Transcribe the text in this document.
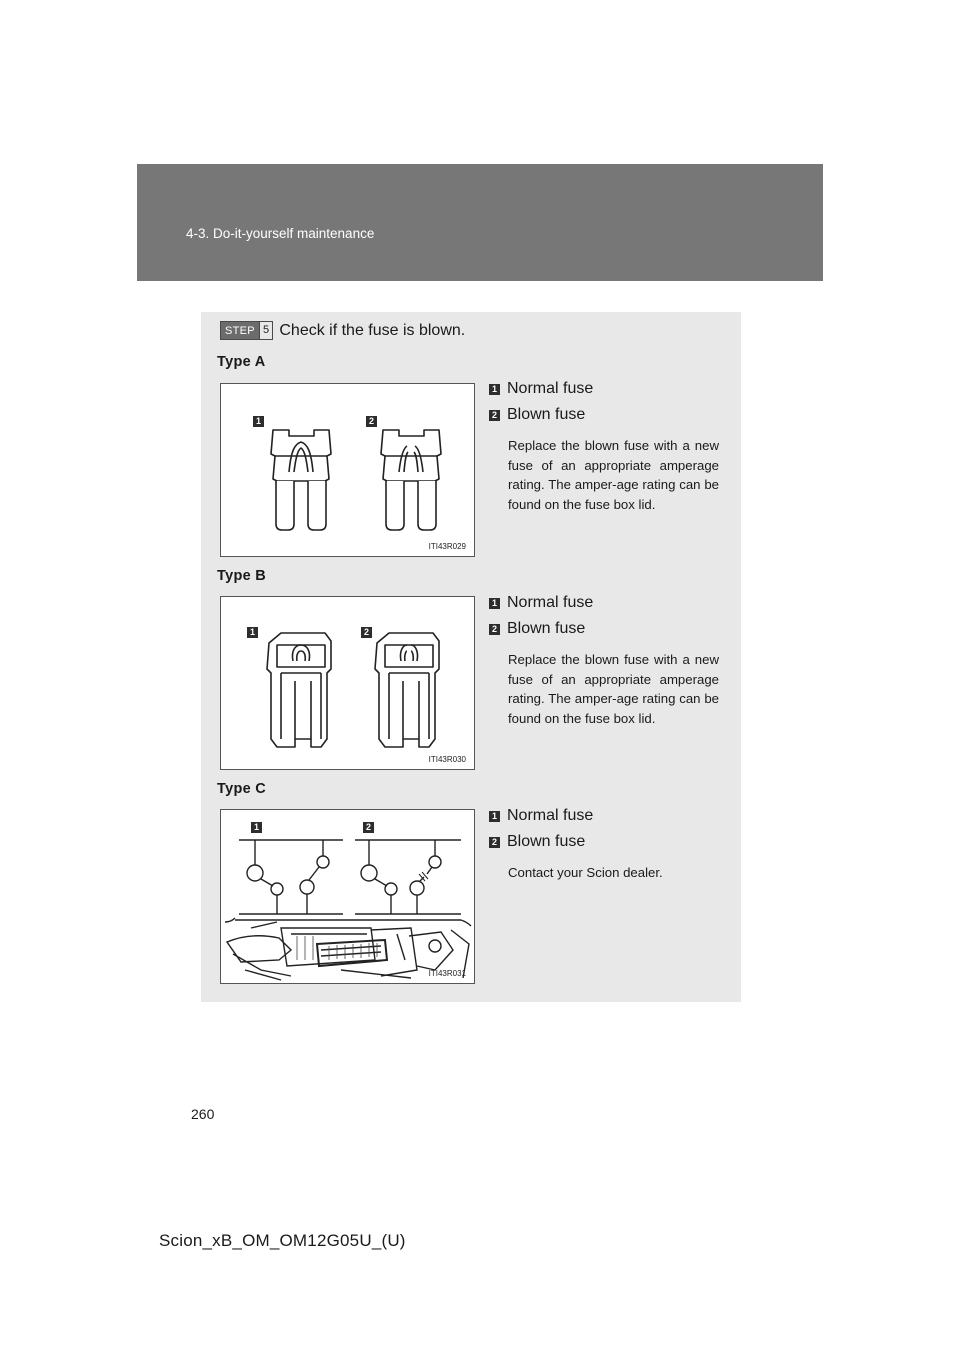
4-3. Do-it-yourself maintenance
STEP 5 Check if the fuse is blown.
Type A
1	2
ITI43R029
1 Normal fuse
2 Blown fuse
Replace the blown fuse with a new fuse of an appropriate amperage rating. The amper-age rating can be found on the fuse box lid.
Type B
1	2
ITI43R030
1 Normal fuse
2 Blown fuse
Replace the blown fuse with a new fuse of an appropriate amperage rating. The amper-age rating can be found on the fuse box lid.
Type C
1	2
ITI43R031
1 Normal fuse
2 Blown fuse
Contact your Scion dealer.
260
Scion_xB_OM_OM12G05U_(U)
